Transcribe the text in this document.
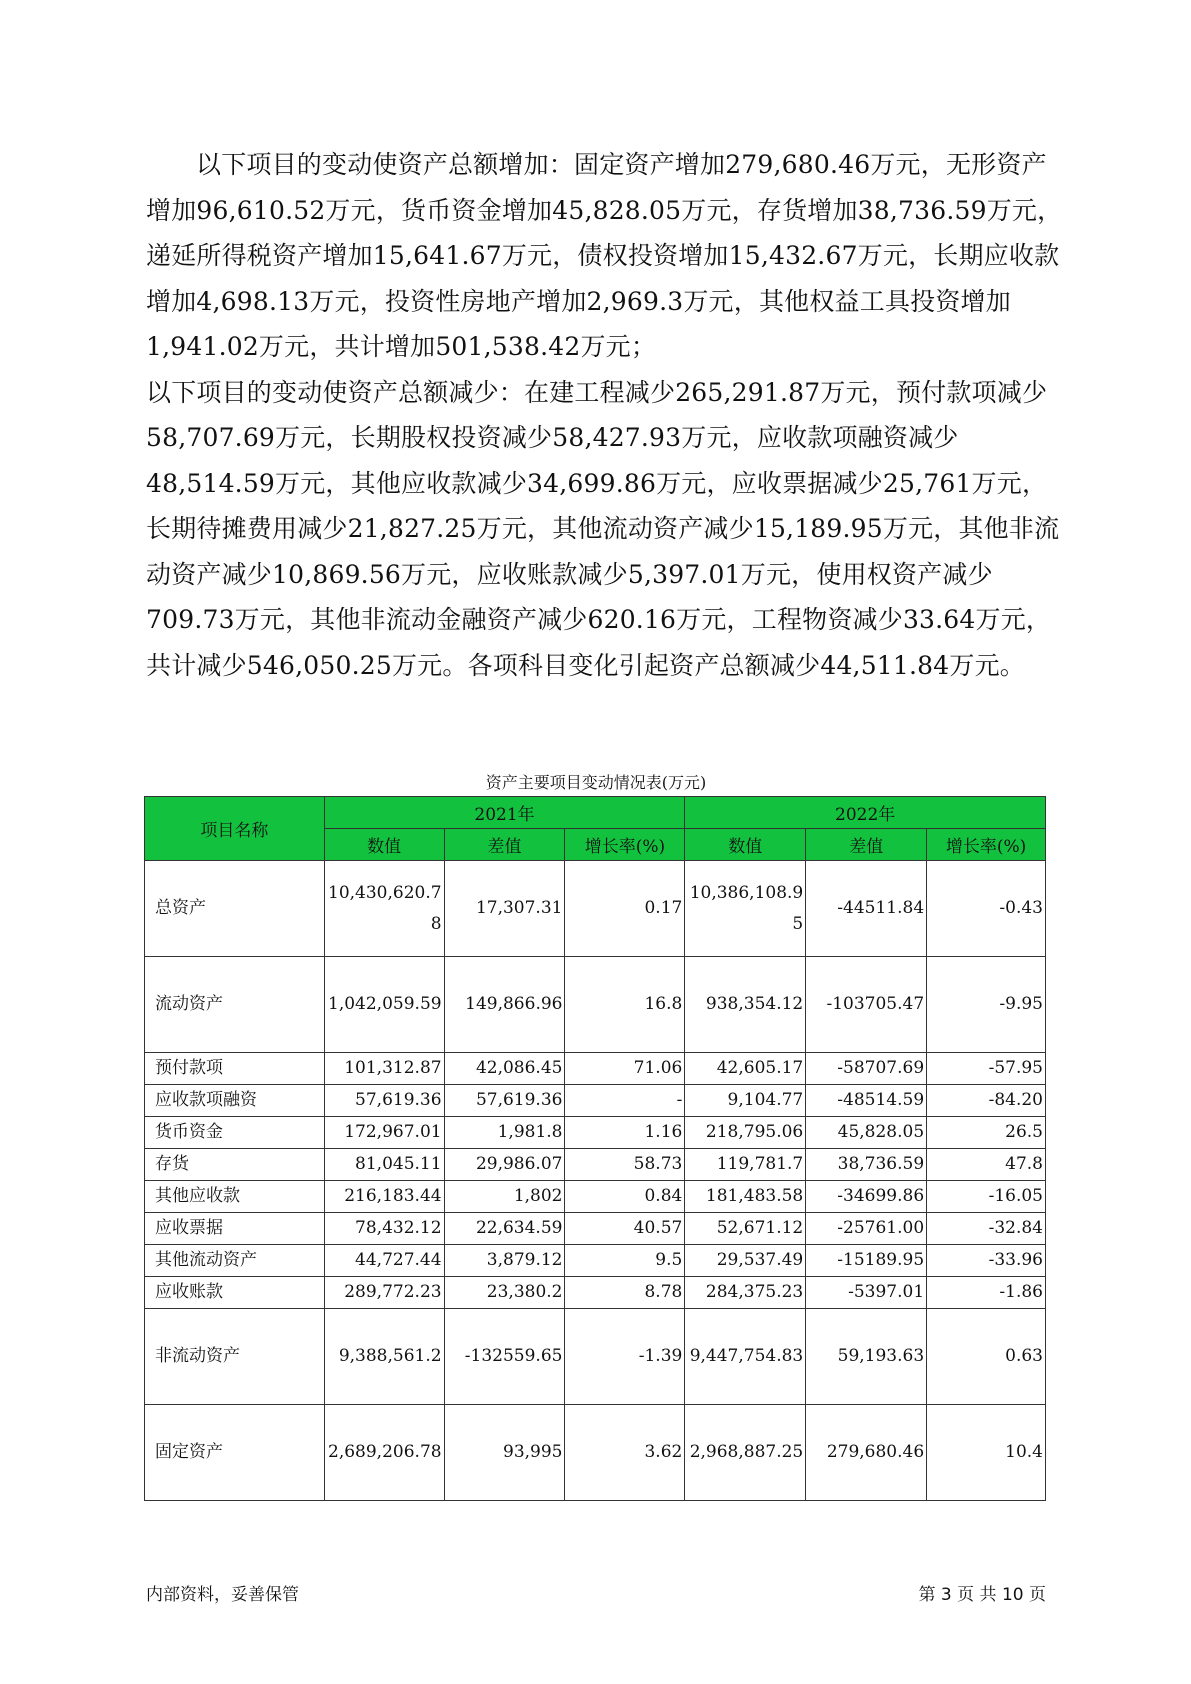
以下项目的变动使资产总额增加：固定资产增加279,680.46万元，无形资产增加96,610.52万元，货币资金增加45,828.05万元，存货增加38,736.59万元，递延所得税资产增加15,641.67万元，债权投资增加15,432.67万元，长期应收款增加4,698.13万元，投资性房地产增加2,969.3万元，其他权益工具投资增加1,941.02万元，共计增加501,538.42万元；

以下项目的变动使资产总额减少：在建工程减少265,291.87万元，预付款项减少58,707.69万元，长期股权投资减少58,427.93万元，应收款项融资减少48,514.59万元，其他应收款减少34,699.86万元，应收票据减少25,761万元，长期待摊费用减少21,827.25万元，其他流动资产减少15,189.95万元，其他非流动资产减少10,869.56万元，应收账款减少5,397.01万元，使用权资产减少709.73万元，其他非流动金融资产减少620.16万元，工程物资减少33.64万元，共计减少546,050.25万元。各项科目变化引起资产总额减少44,511.84万元。

资产主要项目变动情况表(万元)
项目名称	2021年			2022年		
	数值	差值	增长率(%)	数值	差值	增长率(%)
总资产	10,430,620.78	17,307.31	0.17	10,386,108.95	-44511.84	-0.43
流动资产	1,042,059.59	149,866.96	16.8	938,354.12	-103705.47	-9.95
预付款项	101,312.87	42,086.45	71.06	42,605.17	-58707.69	-57.95
应收款项融资	57,619.36	57,619.36	-	9,104.77	-48514.59	-84.20
货币资金	172,967.01	1,981.8	1.16	218,795.06	45,828.05	26.5
存货	81,045.11	29,986.07	58.73	119,781.7	38,736.59	47.8
其他应收款	216,183.44	1,802	0.84	181,483.58	-34699.86	-16.05
应收票据	78,432.12	22,634.59	40.57	52,671.12	-25761.00	-32.84
其他流动资产	44,727.44	3,879.12	9.5	29,537.49	-15189.95	-33.96
应收账款	289,772.23	23,380.2	8.78	284,375.23	-5397.01	-1.86
非流动资产	9,388,561.2	-132559.65	-1.39	9,447,754.83	59,193.63	0.63
固定资产	2,689,206.78	93,995	3.62	2,968,887.25	279,680.46	10.4
内部资料，妥善保管	第 3 页 共 10 页
